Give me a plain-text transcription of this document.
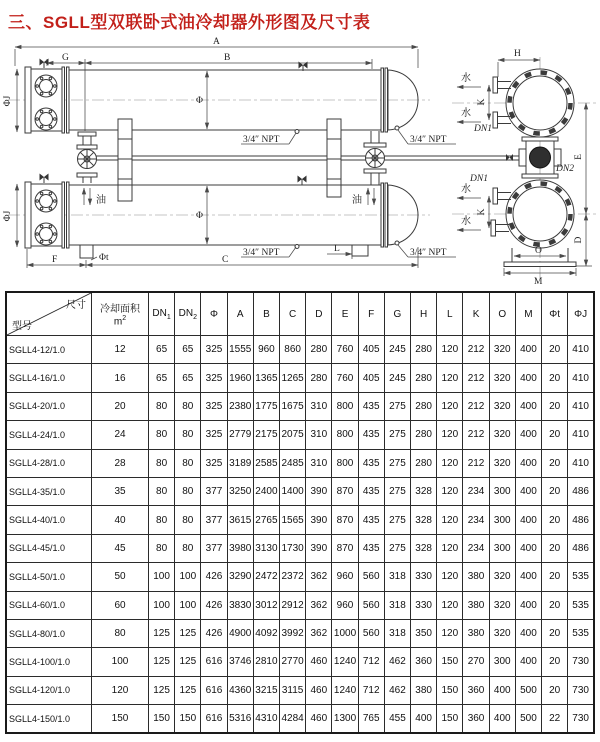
三、SGLL型双联卧式油冷却器外形图及尺寸表
A
G	B
ΦJ	Φ
3/4″ NPT	3/4″ NPT
油	油
ΦJ	Φ
Φt
L
3/4″ NPT	3/4″ NPT
F	C
H
水
水
水
水
K
K
DN1
DN1
DN2
O
M
E
D
尺寸
型号

冷却面积
$m^2$
	$DN_1$	$DN_2$	Φ	A	B	C	D	E	F	G	H	L	K	O	M	Φt	ΦJ
SGLL4-12/1.0	12	65	65	325	1555	960	860	280	760	405	245	280	120	212	320	400	20	410
SGLL4-16/1.0	16	65	65	325	1960	1365	1265	280	760	405	245	280	120	212	320	400	20	410
SGLL4-20/1.0	20	80	80	325	2380	1775	1675	310	800	435	275	280	120	212	320	400	20	410
SGLL4-24/1.0	24	80	80	325	2779	2175	2075	310	800	435	275	280	120	212	320	400	20	410
SGLL4-28/1.0	28	80	80	325	3189	2585	2485	310	800	435	275	280	120	212	320	400	20	410
SGLL4-35/1.0	35	80	80	377	3250	2400	1400	390	870	435	275	328	120	234	300	400	20	486
SGLL4-40/1.0	40	80	80	377	3615	2765	1565	390	870	435	275	328	120	234	300	400	20	486
SGLL4-45/1.0	45	80	80	377	3980	3130	1730	390	870	435	275	328	120	234	300	400	20	486
SGLL4-50/1.0	50	100	100	426	3290	2472	2372	362	960	560	318	330	120	380	320	400	20	535
SGLL4-60/1.0	60	100	100	426	3830	3012	2912	362	960	560	318	330	120	380	320	400	20	535
SGLL4-80/1.0	80	125	125	426	4900	4092	3992	362	1000	560	318	350	120	380	320	400	20	535
SGLL4-100/1.0	100	125	125	616	3746	2810	2770	460	1240	712	462	360	150	270	300	400	20	730
SGLL4-120/1.0	120	125	125	616	4360	3215	3115	460	1240	712	462	380	150	360	400	500	20	730
SGLL4-150/1.0	150	150	150	616	5316	4310	4284	460	1300	765	455	400	150	360	400	500	22	730
